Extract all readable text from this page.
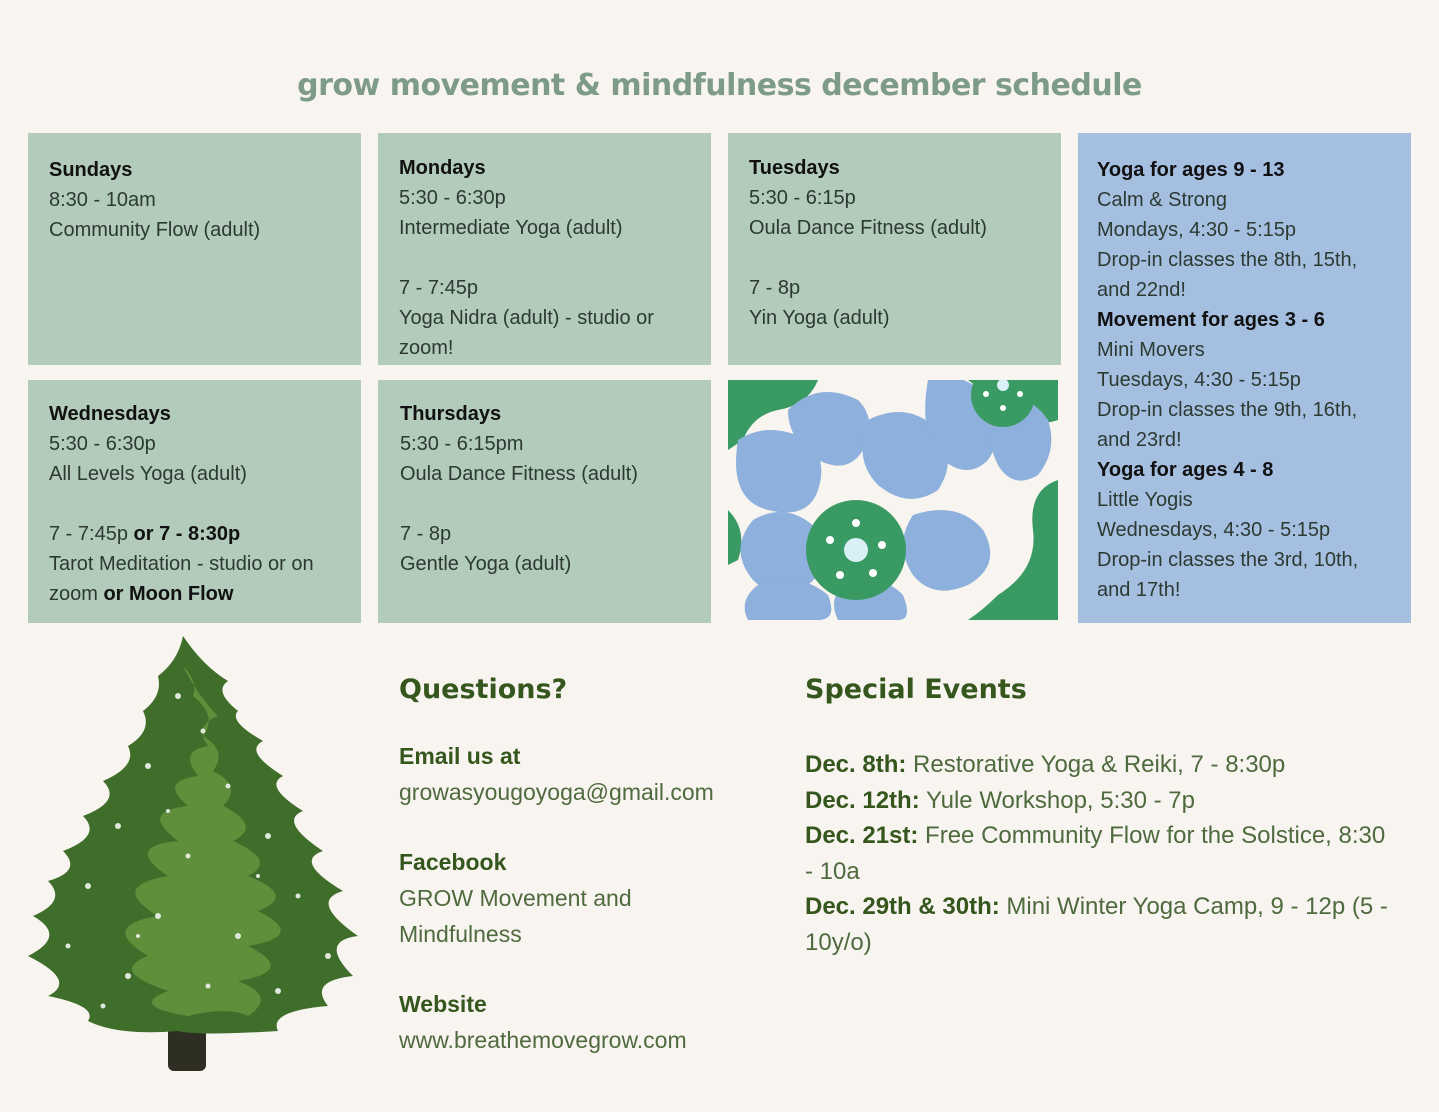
grow movement & mindfulness december schedule

Sundays

8:30 - 10am

Community Flow (adult)

Mondays

5:30 - 6:30p

Intermediate Yoga (adult)

7 - 7:45p

Yoga Nidra (adult) - studio or zoom!

Tuesdays

5:30 - 6:15p

Oula Dance Fitness (adult)

7 - 8p

Yin Yoga (adult)

Yoga for ages 9 - 13

Calm & Strong

Mondays, 4:30 - 5:15p

Drop-in classes the 8th, 15th, and 22nd!

Movement for ages 3 - 6

Mini Movers

Tuesdays, 4:30 - 5:15p

Drop-in classes the 9th, 16th, and 23rd!

Yoga for ages 4 - 8

Little Yogis

Wednesdays, 4:30 - 5:15p

Drop-in classes the 3rd, 10th, and 17th!

Wednesdays

5:30 - 6:30p

All Levels Yoga (adult)

7 - 7:45p or 7 - 8:30p

Tarot Meditation - studio or on zoom or Moon Flow

Thursdays

5:30 - 6:15pm

Oula Dance Fitness (adult)

7 - 8p

Gentle Yoga (adult)

Questions?
Email us at
growasyougoyoga@gmail.com
Facebook
GROW Movement and Mindfulness
Website
www.breathemovegrow.com
Special Events

Dec. 8th: Restorative Yoga & Reiki, 7 - 8:30p

Dec. 12th: Yule Workshop, 5:30 - 7p

Dec. 21st: Free Community Flow for the Solstice, 8:30 - 10a

Dec. 29th & 30th: Mini Winter Yoga Camp, 9 - 12p (5 - 10y/o)
